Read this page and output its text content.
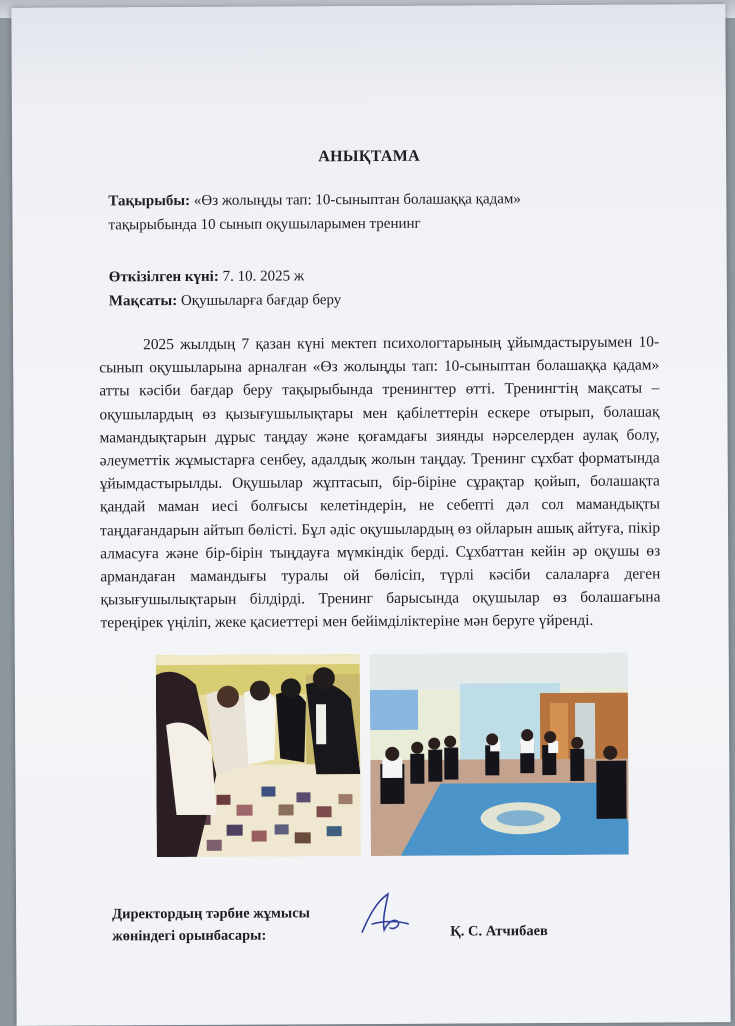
АНЫҚТАМА
Тақырыбы: «Өз жолыңды тап: 10-сыныптан болашаққа қадам»
тақырыбында 10 сынып оқушыларымен тренинг
Өткізілген күні: 7. 10. 2025 ж
Мақсаты: Оқушыларға бағдар беру
2025 жылдың 7 қазан күні мектеп психологтарының ұйымдастыруымен 10-сынып оқушыларына арналған «Өз жолыңды тап: 10-сыныптан болашаққа қадам» атты кәсіби бағдар беру тақырыбында тренингтер өтті. Тренингтің мақсаты – оқушылардың өз қызығушылықтары мен қабілеттерін ескере отырып, болашақ мамандықтарын дұрыс таңдау және қоғамдағы зиянды нәрселерден аулақ болу, әлеуметтік жұмыстарға сенбеу, адалдық жолын таңдау. Тренинг сұхбат форматында ұйымдастырылды. Оқушылар жұптасып, бір-біріне сұрақтар қойып, болашақта қандай маман иесі болғысы келетіндерін, не себепті дәл сол мамандықты таңдағандарын айтып бөлісті. Бұл әдіс оқушылардың өз ойларын ашық айтуға, пікір алмасуға және бір-бірін тыңдауға мүмкіндік берді. Сұхбаттан кейін әр оқушы өз армандаған мамандығы туралы ой бөлісіп, түрлі кәсіби салаларға деген қызығушылықтарын білдірді. Тренинг барысында оқушылар өз болашағына тереңірек үңіліп, жеке қасиеттері мен бейімділіктеріне мән беруге үйренді.
Директордың тәрбие жұмысы
жөніндегі орынбасары:	Қ. С. Атчибаев
